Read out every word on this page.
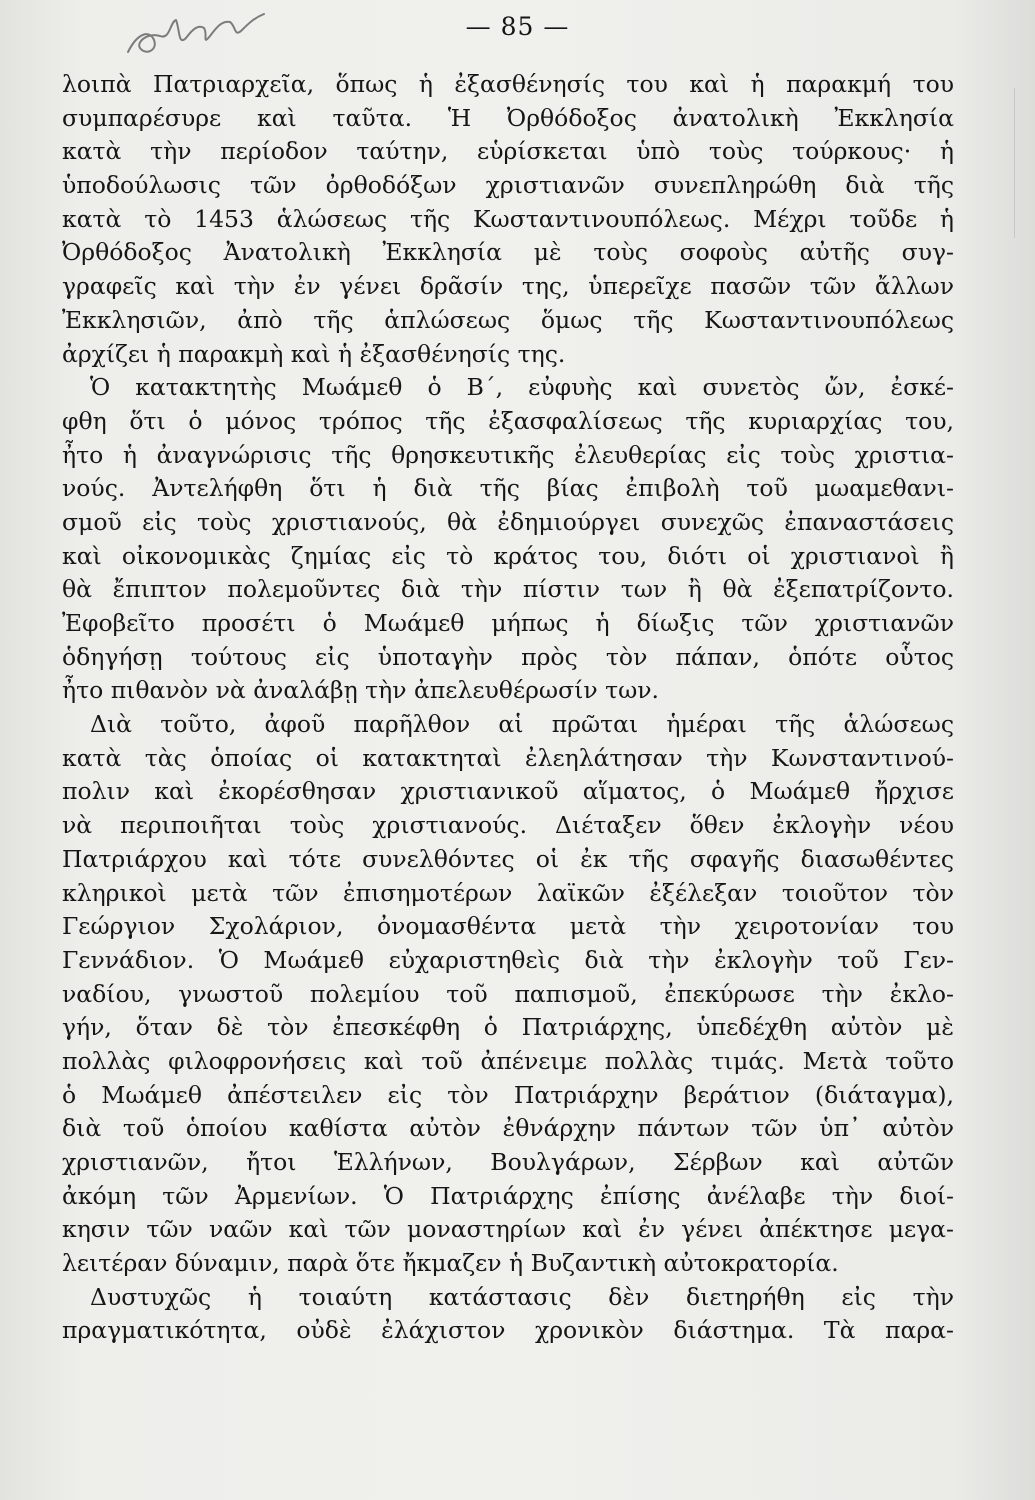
— 85 —

λοιπὰ Πατριαρχεῖα, ὅπως ἡ ἐξασθένησίς του καὶ ἡ παρακμή του
συμπαρέσυρε καὶ ταῦτα. Ἡ Ὀρθόδοξος ἀνατολικὴ Ἐκκλησία
κατὰ τὴν περίοδον ταύτην, εὑρίσκεται ὑπὸ τοὺς τούρκους· ἡ
ὑποδούλωσις τῶν ὀρθοδόξων χριστιανῶν συνεπληρώθη διὰ τῆς
κατὰ τὸ 1453 ἁλώσεως τῆς Κωσταντινουπόλεως. Μέχρι τοῦδε ἡ
Ὀρθόδοξος Ἀνατολικὴ Ἐκκλησία μὲ τοὺς σοφοὺς αὐτῆς συγ-
γραφεῖς καὶ τὴν ἐν γένει δρᾶσίν της, ὑπερεῖχε πασῶν τῶν ἄλλων
Ἐκκλησιῶν, ἀπὸ τῆς ἁπλώσεως ὅμως τῆς Κωσταντινουπόλεως
ἀρχίζει ἡ παρακμὴ καὶ ἡ ἐξασθένησίς της.

Ὁ κατακτητὴς Μωάμεθ ὁ Β΄, εὐφυὴς καὶ συνετὸς ὤν, ἐσκέ-
φθη ὅτι ὁ μόνος τρόπος τῆς ἐξασφαλίσεως τῆς κυριαρχίας του,
ἦτο ἡ ἀναγνώρισις τῆς θρησκευτικῆς ἐλευθερίας εἰς τοὺς χριστια-
νούς. Ἀντελήφθη ὅτι ἡ διὰ τῆς βίας ἐπιβολὴ τοῦ μωαμεθανι-
σμοῦ εἰς τοὺς χριστιανούς, θὰ ἐδημιούργει συνεχῶς ἐπαναστάσεις
καὶ οἰκονομικὰς ζημίας εἰς τὸ κράτος του, διότι οἱ χριστιανοὶ ἢ
θὰ ἔπιπτον πολεμοῦντες διὰ τὴν πίστιν των ἢ θὰ ἐξεπατρίζοντο.
Ἐφοβεῖτο προσέτι ὁ Μωάμεθ μήπως ἡ δίωξις τῶν χριστιανῶν
ὁδηγήσῃ τούτους εἰς ὑποταγὴν πρὸς τὸν πάπαν, ὁπότε οὗτος
ἦτο πιθανὸν νὰ ἀναλάβῃ τὴν ἀπελευθέρωσίν των.

Διὰ τοῦτο, ἀφοῦ παρῆλθον αἱ πρῶται ἡμέραι τῆς ἁλώσεως
κατὰ τὰς ὁποίας οἱ κατακτηταὶ ἐλεηλάτησαν τὴν Κωνσταντινού-
πολιν καὶ ἐκορέσθησαν χριστιανικοῦ αἵματος, ὁ Μωάμεθ ἤρχισε
νὰ περιποιῆται τοὺς χριστιανούς. Διέταξεν ὅθεν ἐκλογὴν νέου
Πατριάρχου καὶ τότε συνελθόντες οἱ ἐκ τῆς σφαγῆς διασωθέντες
κληρικοὶ μετὰ τῶν ἐπισημοτέρων λαϊκῶν ἐξέλεξαν τοιοῦτον τὸν
Γεώργιον Σχολάριον, ὀνομασθέντα μετὰ τὴν χειροτονίαν του
Γεννάδιον. Ὁ Μωάμεθ εὐχαριστηθεὶς διὰ τὴν ἐκλογὴν τοῦ Γεν-
ναδίου, γνωστοῦ πολεμίου τοῦ παπισμοῦ, ἐπεκύρωσε τὴν ἐκλο-
γήν, ὅταν δὲ τὸν ἐπεσκέφθη ὁ Πατριάρχης, ὑπεδέχθη αὐτὸν μὲ
πολλὰς φιλοφρονήσεις καὶ τοῦ ἀπένειμε πολλὰς τιμάς. Μετὰ τοῦτο
ὁ Μωάμεθ ἀπέστειλεν εἰς τὸν Πατριάρχην βεράτιον (διάταγμα),
διὰ τοῦ ὁποίου καθίστα αὐτὸν ἐθνάρχην πάντων τῶν ὑπ᾿ αὐτὸν
χριστιανῶν, ἤτοι Ἑλλήνων, Βουλγάρων, Σέρβων καὶ αὐτῶν
ἀκόμη τῶν Ἀρμενίων. Ὁ Πατριάρχης ἐπίσης ἀνέλαβε τὴν διοί-
κησιν τῶν ναῶν καὶ τῶν μοναστηρίων καὶ ἐν γένει ἀπέκτησε μεγα-
λειτέραν δύναμιν, παρὰ ὅτε ἤκμαζεν ἡ Βυζαντικὴ αὐτοκρατορία.

Δυστυχῶς ἡ τοιαύτη κατάστασις δὲν διετηρήθη εἰς τὴν
πραγματικότητα, οὐδὲ ἐλάχιστον χρονικὸν διάστημα. Τὰ παρα-
